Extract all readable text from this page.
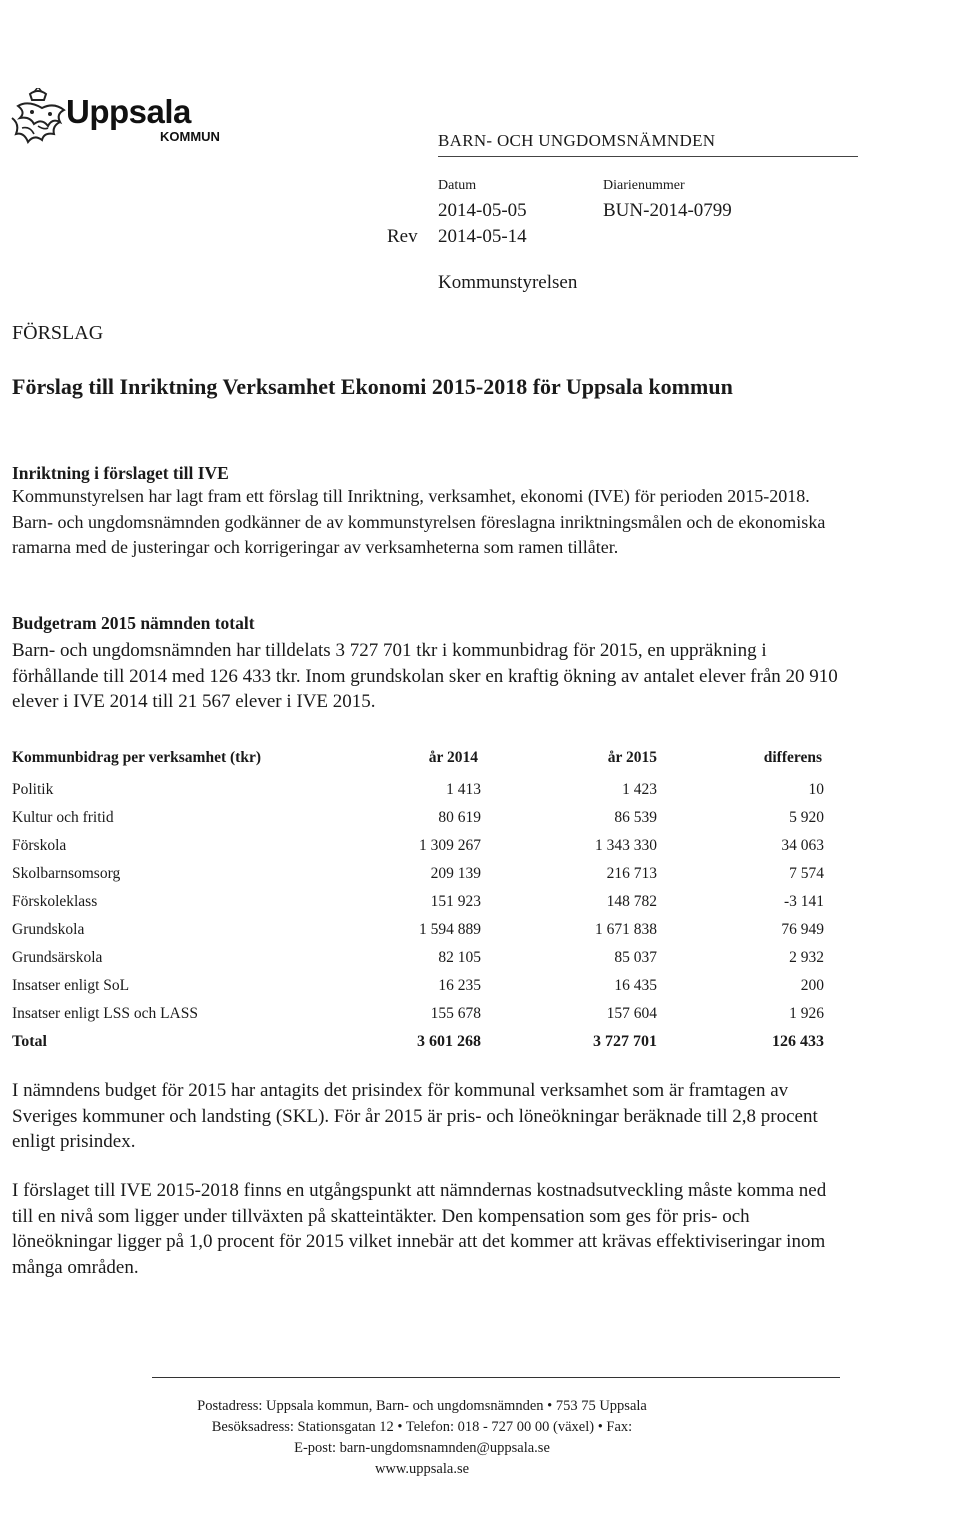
Uppsala
KOMMUN	BARN- OCH UNGDOMSNÄMNDEN
Datum
2014-05-05
Diarienummer
BUN-2014-0799
Rev 2014-05-14
Kommunstyrelsen
FÖRSLAG
Förslag till Inriktning Verksamhet Ekonomi 2015-2018 för Uppsala kommun
Inriktning i förslaget till IVE
Kommunstyrelsen har lagt fram ett förslag till Inriktning, verksamhet, ekonomi (IVE) för perioden 2015-2018. Barn- och ungdomsnämnden godkänner de av kommunstyrelsen föreslagna inriktningsmålen och de ekonomiska ramarna med de justeringar och korrigeringar av verksamheterna som ramen tillåter.
Budgetram 2015 nämnden totalt
Barn- och ungdomsnämnden har tilldelats 3 727 701 tkr i kommunbidrag för 2015, en uppräkning i förhållande till 2014 med 126 433 tkr. Inom grundskolan sker en kraftig ökning av antalet elever från 20 910 elever i IVE 2014 till 21 567 elever i IVE 2015.
Kommunbidrag per verksamhet (tkr)	år 2014	år 2015	differens
Politik	1 413	1 423	10
Kultur och fritid	80 619	86 539	5 920
Förskola	1 309 267	1 343 330	34 063
Skolbarnsomsorg	209 139	216 713	7 574
Förskoleklass	151 923	148 782	-3 141
Grundskola	1 594 889	1 671 838	76 949
Grundsärskola	82 105	85 037	2 932
Insatser enligt SoL	16 235	16 435	200
Insatser enligt LSS och LASS	155 678	157 604	1 926
Total	3 601 268	3 727 701	126 433
I nämndens budget för 2015 har antagits det prisindex för kommunal verksamhet som är framtagen av Sveriges kommuner och landsting (SKL). För år 2015 är pris- och löneökningar beräknade till 2,8 procent enligt prisindex.
I förslaget till IVE 2015-2018 finns en utgångspunkt att nämndernas kostnadsutveckling måste komma ned till en nivå som ligger under tillväxten på skatteintäkter. Den kompensation som ges för pris- och löneökningar ligger på 1,0 procent för 2015 vilket innebär att det kommer att krävas effektiviseringar inom många områden.
Postadress: Uppsala kommun, Barn- och ungdomsnämnden • 753 75 Uppsala
Besöksadress: Stationsgatan 12 • Telefon: 018 - 727 00 00 (växel) • Fax:
E-post: barn-ungdomsnamnden@uppsala.se
www.uppsala.se
